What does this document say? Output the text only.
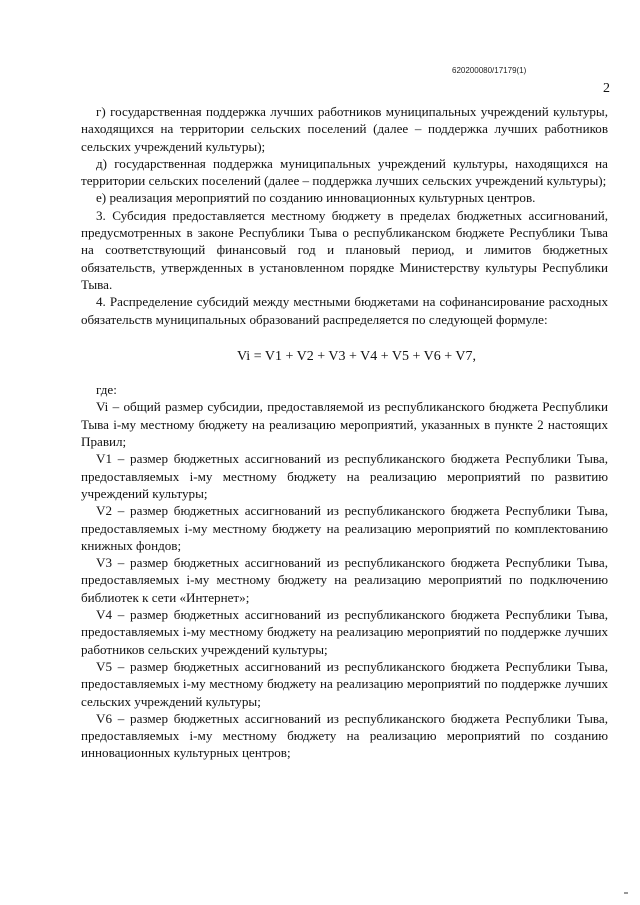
620200080/17179(1)
2

г) государственная поддержка лучших работников муниципальных учреждений культуры, находящихся на территории сельских поселений (далее – поддержка лучших работников сельских учреждений культуры);

д) государственная поддержка муниципальных учреждений культуры, находящихся на территории сельских поселений (далее – поддержка лучших сельских учреждений культуры);

е) реализация мероприятий по созданию инновационных культурных центров.

3. Субсидия предоставляется местному бюджету в пределах бюджетных ассигнований, предусмотренных в законе Республики Тыва о республиканском бюджете Республики Тыва на соответствующий финансовый год и плановый период, и лимитов бюджетных обязательств, утвержденных в установленном порядке Министерству культуры Республики Тыва.

4. Распределение субсидий между местными бюджетами на софинансирование расходных обязательств муниципальных образований распределяется по следующей формуле:

Vi = V1 + V2 + V3 + V4 + V5 + V6 + V7,

где:

Vi – общий размер субсидии, предоставляемой из республиканского бюджета Республики Тыва i-му местному бюджету на реализацию мероприятий, указанных в пункте 2 настоящих Правил;

V1 – размер бюджетных ассигнований из республиканского бюджета Республики Тыва, предоставляемых i-му местному бюджету на реализацию мероприятий по развитию учреждений культуры;

V2 – размер бюджетных ассигнований из республиканского бюджета Республики Тыва, предоставляемых i-му местному бюджету на реализацию мероприятий по комплектованию книжных фондов;

V3 – размер бюджетных ассигнований из республиканского бюджета Республики Тыва, предоставляемых i-му местному бюджету на реализацию мероприятий по подключению библиотек к сети «Интернет»;

V4 – размер бюджетных ассигнований из республиканского бюджета Республики Тыва, предоставляемых i-му местному бюджету на реализацию мероприятий по поддержке лучших работников сельских учреждений культуры;

V5 – размер бюджетных ассигнований из республиканского бюджета Республики Тыва, предоставляемых i-му местному бюджету на реализацию мероприятий по поддержке лучших сельских учреждений культуры;

V6 – размер бюджетных ассигнований из республиканского бюджета Республики Тыва, предоставляемых i-му местному бюджету на реализацию мероприятий по созданию инновационных культурных центров;
